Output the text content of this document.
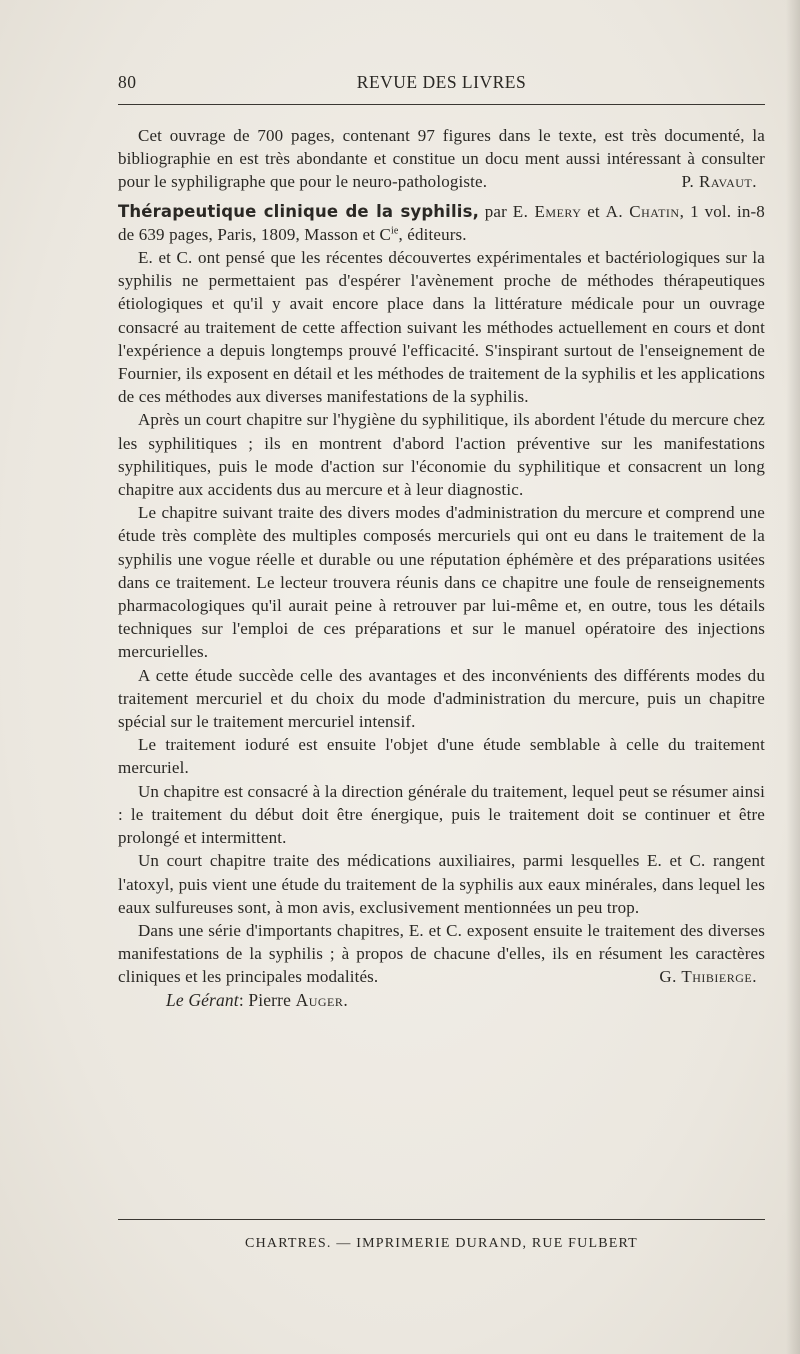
80	REVUE DES LIVRES

Cet ouvrage de 700 pages, contenant 97 figures dans le texte, est très documenté, la bibliographie en est très abondante et constitue un docu ment aussi intéressant à consulter pour le syphiligraphe que pour le neuro-pathologiste.	P. Ravaut.

Thérapeutique clinique de la syphilis, par E. Emery et A. Chatin, 1 vol. in-8 de 639 pages, Paris, 1809, Masson et $C^{ie}$, éditeurs.

E. et C. ont pensé que les récentes découvertes expérimentales et bactériologiques sur la syphilis ne permettaient pas d'espérer l'avènement proche de méthodes thérapeutiques étiologiques et qu'il y avait encore place dans la littérature médicale pour un ouvrage consacré au traitement de cette affection suivant les méthodes actuellement en cours et dont l'expérience a depuis longtemps prouvé l'efficacité. S'inspirant surtout de l'enseignement de Fournier, ils exposent en détail et les méthodes de traitement de la syphilis et les applications de ces méthodes aux diverses manifestations de la syphilis.

Après un court chapitre sur l'hygiène du syphilitique, ils abordent l'étude du mercure chez les syphilitiques ; ils en montrent d'abord l'action préventive sur les manifestations syphilitiques, puis le mode d'action sur l'économie du syphilitique et consacrent un long chapitre aux accidents dus au mercure et à leur diagnostic.

Le chapitre suivant traite des divers modes d'administration du mercure et comprend une étude très complète des multiples composés mercuriels qui ont eu dans le traitement de la syphilis une vogue réelle et durable ou une réputation éphémère et des préparations usitées dans ce traitement. Le lecteur trouvera réunis dans ce chapitre une foule de renseignements pharmacologiques qu'il aurait peine à retrouver par lui-même et, en outre, tous les détails techniques sur l'emploi de ces préparations et sur le manuel opératoire des injections mercurielles.

A cette étude succède celle des avantages et des inconvénients des différents modes du traitement mercuriel et du choix du mode d'administration du mercure, puis un chapitre spécial sur le traitement mercuriel intensif.

Le traitement ioduré est ensuite l'objet d'une étude semblable à celle du traitement mercuriel.

Un chapitre est consacré à la direction générale du traitement, lequel peut se résumer ainsi : le traitement du début doit être énergique, puis le traitement doit se continuer et être prolongé et intermittent.

Un court chapitre traite des médications auxiliaires, parmi lesquelles E. et C. rangent l'atoxyl, puis vient une étude du traitement de la syphilis aux eaux minérales, dans lequel les eaux sulfureuses sont, à mon avis, exclusivement mentionnées un peu trop.

Dans une série d'importants chapitres, E. et C. exposent ensuite le traitement des diverses manifestations de la syphilis ; à propos de chacune d'elles, ils en résument les caractères cliniques et les principales modalités.	G. Thibierge.

Le Gérant: Pierre Auger.

CHARTRES. — IMPRIMERIE DURAND, RUE FULBERT
